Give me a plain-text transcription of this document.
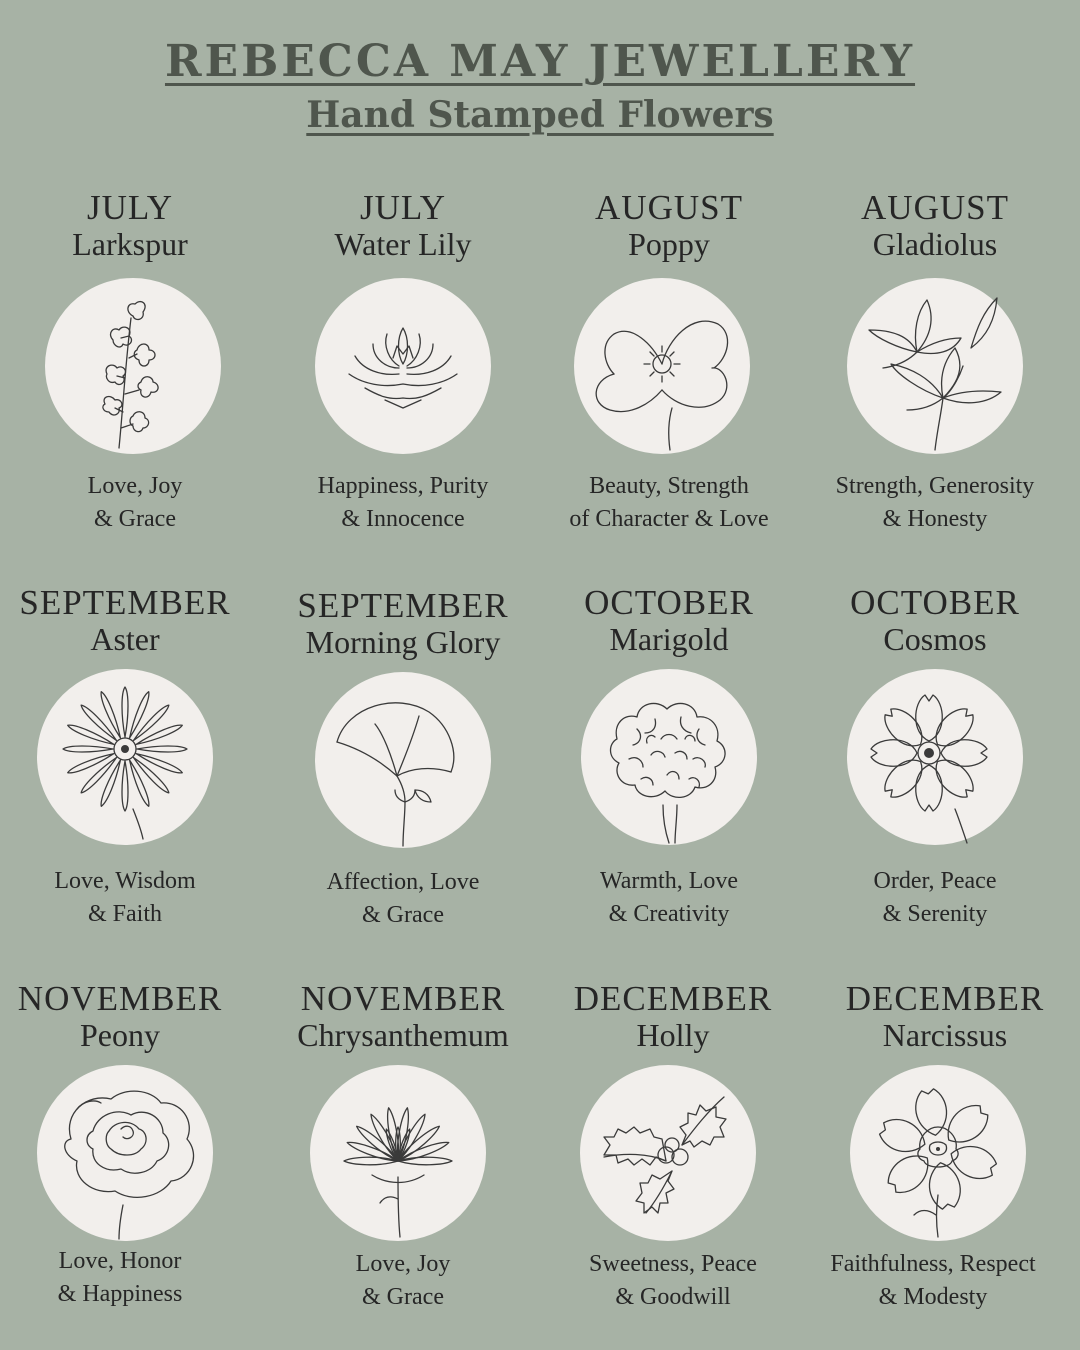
REBECCA MAY JEWELLERY
Hand Stamped Flowers
JULY
Larkspur
Love, Joy
& Grace
JULY
Water Lily
Happiness, Purity
& Innocence
AUGUST
Poppy
Beauty, Strength
of Character & Love
AUGUST
Gladiolus
Strength, Generosity
& Honesty
SEPTEMBER
Aster
Love, Wisdom
& Faith
SEPTEMBER
Morning Glory
Affection, Love
& Grace
OCTOBER
Marigold
Warmth, Love
& Creativity
OCTOBER
Cosmos
Order, Peace
& Serenity
NOVEMBER
Peony
Love, Honor
& Happiness
NOVEMBER
Chrysanthemum
Love, Joy
& Grace
DECEMBER
Holly
Sweetness, Peace
& Goodwill
DECEMBER
Narcissus
Faithfulness, Respect
& Modesty
